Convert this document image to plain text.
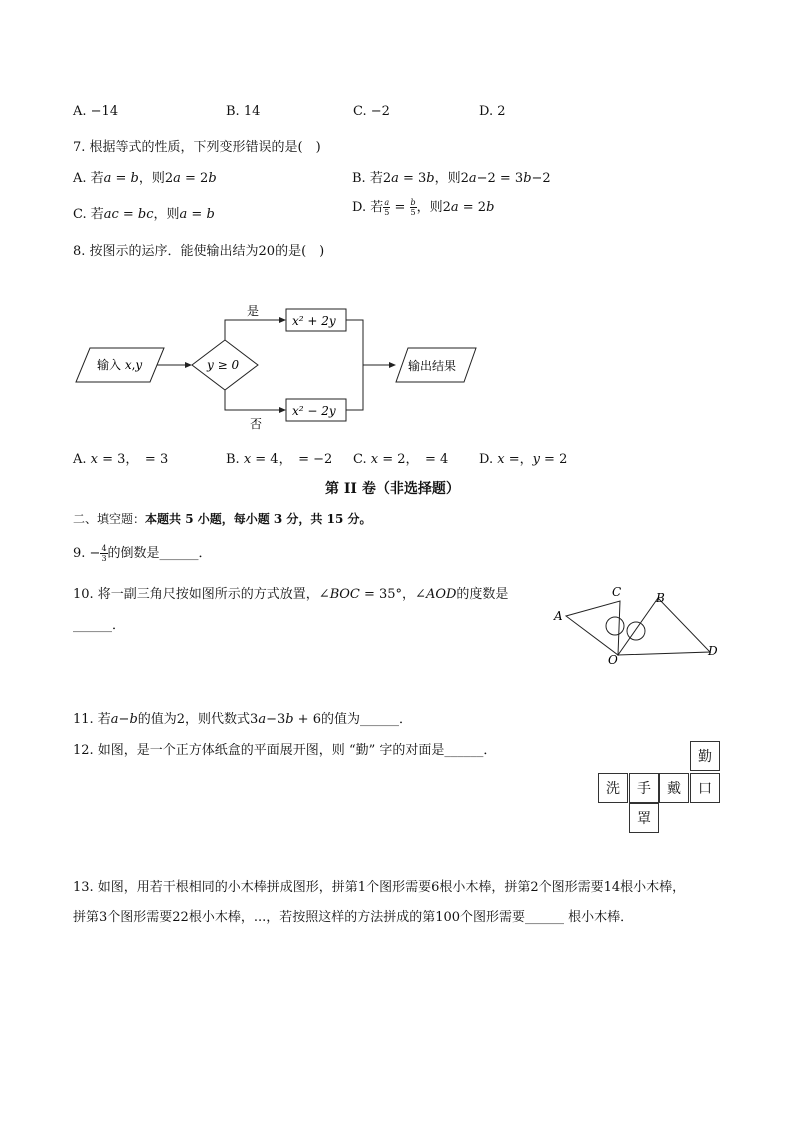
A. −14	B. 14	C. −2	D. 2
7. 根据等式的性质，下列变形错误的是(　)
A. 若𝑎 = 𝑏，则2𝑎 = 2𝑏	B. 若2𝑎 = 3𝑏，则2𝑎−2 = 3𝑏−2
C. 若𝑎𝑐 = 𝑏𝑐，则𝑎 = 𝑏	D. 若 $\frac{a}{5} = \frac{b}{5}$ ，则2𝑎 = 2𝑏
8. 按图示的运序．能使输出结为20的是(　)
输入 𝑥,𝑦	𝑦 ≥ 0
是
𝑥² + 2𝑦
否
𝑥² − 2𝑦
输出结果
A. 𝑥 = 3，　= 3	B. 𝑥 = 4，　= −2 C. 𝑥 = 2，　= 4 D. 𝑥 =，𝑦 = 2
第 II 卷（非选择题）
二、填空题：本题共 5 小题，每小题 3 分，共 15 分。
9. − $\frac{4}{3}$ 的倒数是______．
10. 将一副三角尺按如图所示的方式放置，∠𝐵𝑂𝐶 = 35°，∠𝐴𝑂𝐷的度数是
______．
A
C	B
O
D
11. 若𝑎−𝑏的值为2，则代数式3𝑎−3𝑏 + 6的值为______．
12. 如图，是一个正方体纸盒的平面展开图，则 “勤” 字的对面是______．	勤
洗	手	戴	口
罩
13. 如图，用若干根相同的小木棒拼成图形，拼第1个图形需要6根小木棒，拼第2个图形需要14根小木棒，
拼第3个图形需要22根小木棒，...，若按照这样的方法拼成的第100个图形需要______ 根小木棒．
